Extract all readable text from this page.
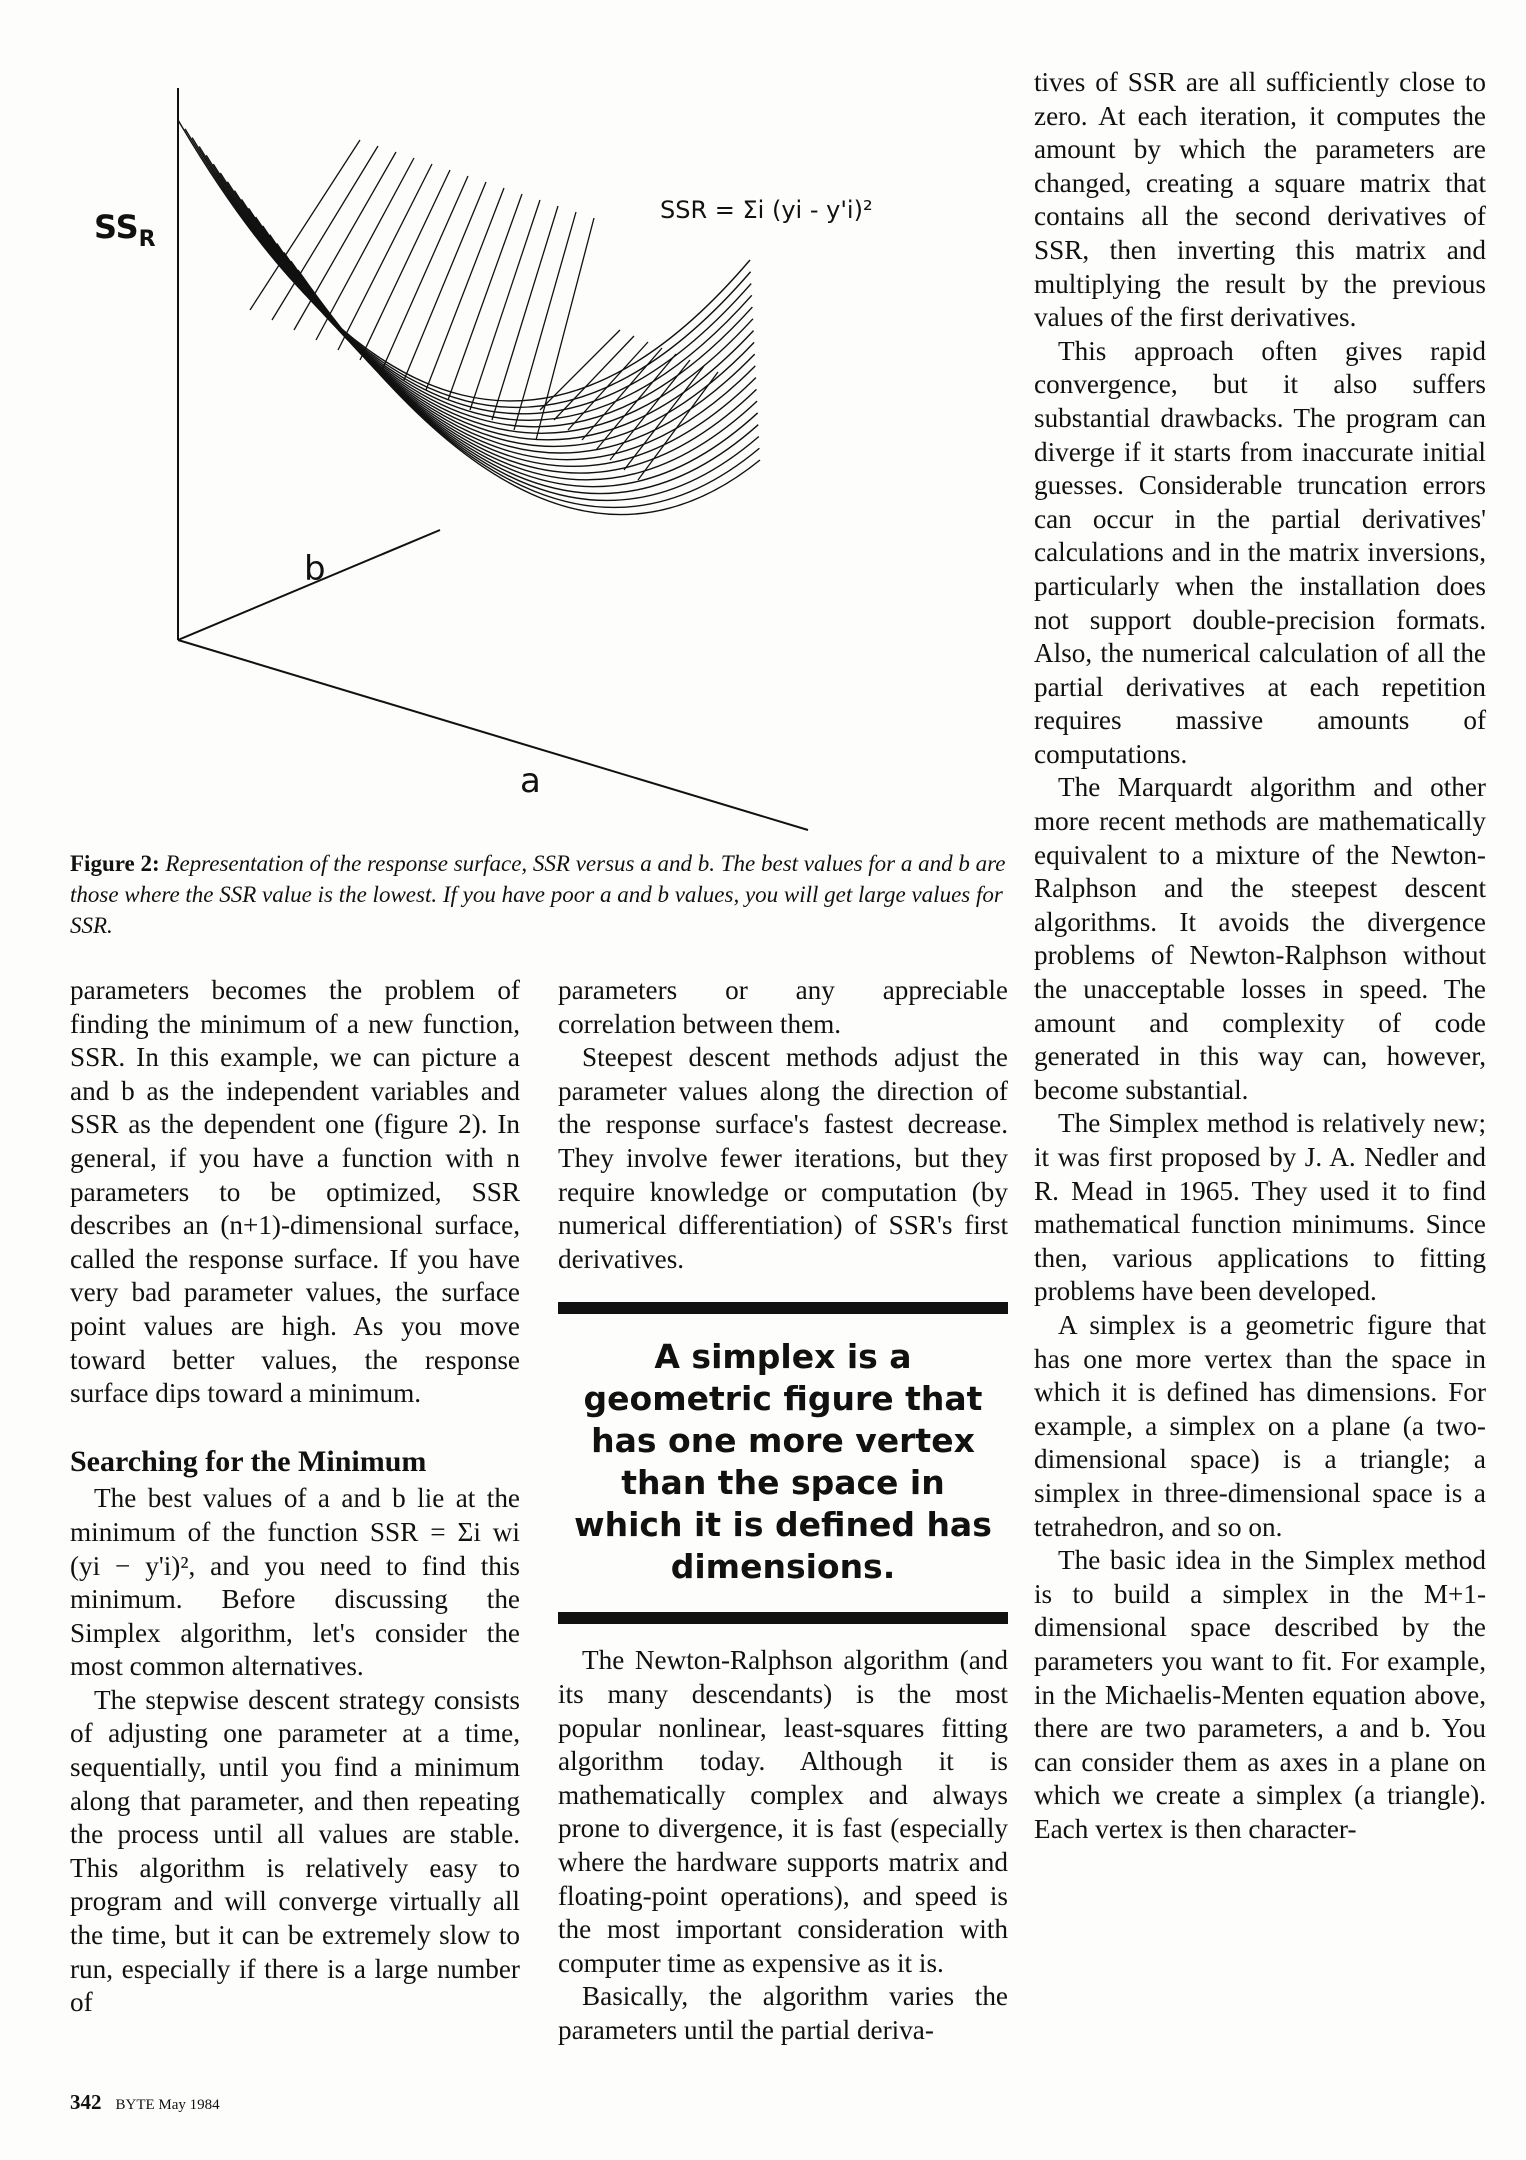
$SS_R$
b
a
SSR = Σi (yi - y'i)²
Figure 2: Representation of the response surface, SSR versus a and b. The best values for a and b are those where the SSR value is the lowest. If you have poor a and b values, you will get large values for SSR.

parameters becomes the problem of finding the minimum of a new function, SSR. In this example, we can picture a and b as the independent variables and SSR as the dependent one (figure 2). In general, if you have a function with n parameters to be optimized, SSR describes an (n+1)-dimensional surface, called the response surface. If you have very bad parameter values, the surface point values are high. As you move toward better values, the response surface dips toward a minimum.

Searching for the Minimum

The best values of a and b lie at the minimum of the function SSR = Σi wi (yi − y'i)², and you need to find this minimum. Before discussing the Simplex algorithm, let's consider the most common alternatives.

The stepwise descent strategy consists of adjusting one parameter at a time, sequentially, until you find a minimum along that parameter, and then repeating the process until all values are stable. This algorithm is relatively easy to program and will converge virtually all the time, but it can be extremely slow to run, especially if there is a large number of

parameters or any appreciable correlation between them.

Steepest descent methods adjust the parameter values along the direction of the response surface's fastest decrease. They involve fewer iterations, but they require knowledge or computation (by numerical differentiation) of SSR's first derivatives.

A simplex is a geometric figure that has one more vertex than the space in which it is defined has dimensions.

The Newton-Ralphson algorithm (and its many descendants) is the most popular nonlinear, least-squares fitting algorithm today. Although it is mathematically complex and always prone to divergence, it is fast (especially where the hardware supports matrix and floating-point operations), and speed is the most important consideration with computer time as expensive as it is.

Basically, the algorithm varies the parameters until the partial deriva-

tives of SSR are all sufficiently close to zero. At each iteration, it computes the amount by which the parameters are changed, creating a square matrix that contains all the second derivatives of SSR, then inverting this matrix and multiplying the result by the previous values of the first derivatives.

This approach often gives rapid convergence, but it also suffers substantial drawbacks. The program can diverge if it starts from inaccurate initial guesses. Considerable truncation errors can occur in the partial derivatives' calculations and in the matrix inversions, particularly when the installation does not support double-precision formats. Also, the numerical calculation of all the partial derivatives at each repetition requires massive amounts of computations.

The Marquardt algorithm and other more recent methods are mathematically equivalent to a mixture of the Newton-Ralphson and the steepest descent algorithms. It avoids the divergence problems of Newton-Ralphson without the unacceptable losses in speed. The amount and complexity of code generated in this way can, however, become substantial.

The Simplex method is relatively new; it was first proposed by J. A. Nedler and R. Mead in 1965. They used it to find mathematical function minimums. Since then, various applications to fitting problems have been developed.

A simplex is a geometric figure that has one more vertex than the space in which it is defined has dimensions. For example, a simplex on a plane (a two-dimensional space) is a triangle; a simplex in three-dimensional space is a tetrahedron, and so on.

The basic idea in the Simplex method is to build a simplex in the M+1-dimensional space described by the parameters you want to fit. For example, in the Michaelis-Menten equation above, there are two parameters, a and b. You can consider them as axes in a plane on which we create a simplex (a triangle). Each vertex is then character-

342 BYTE May 1984
